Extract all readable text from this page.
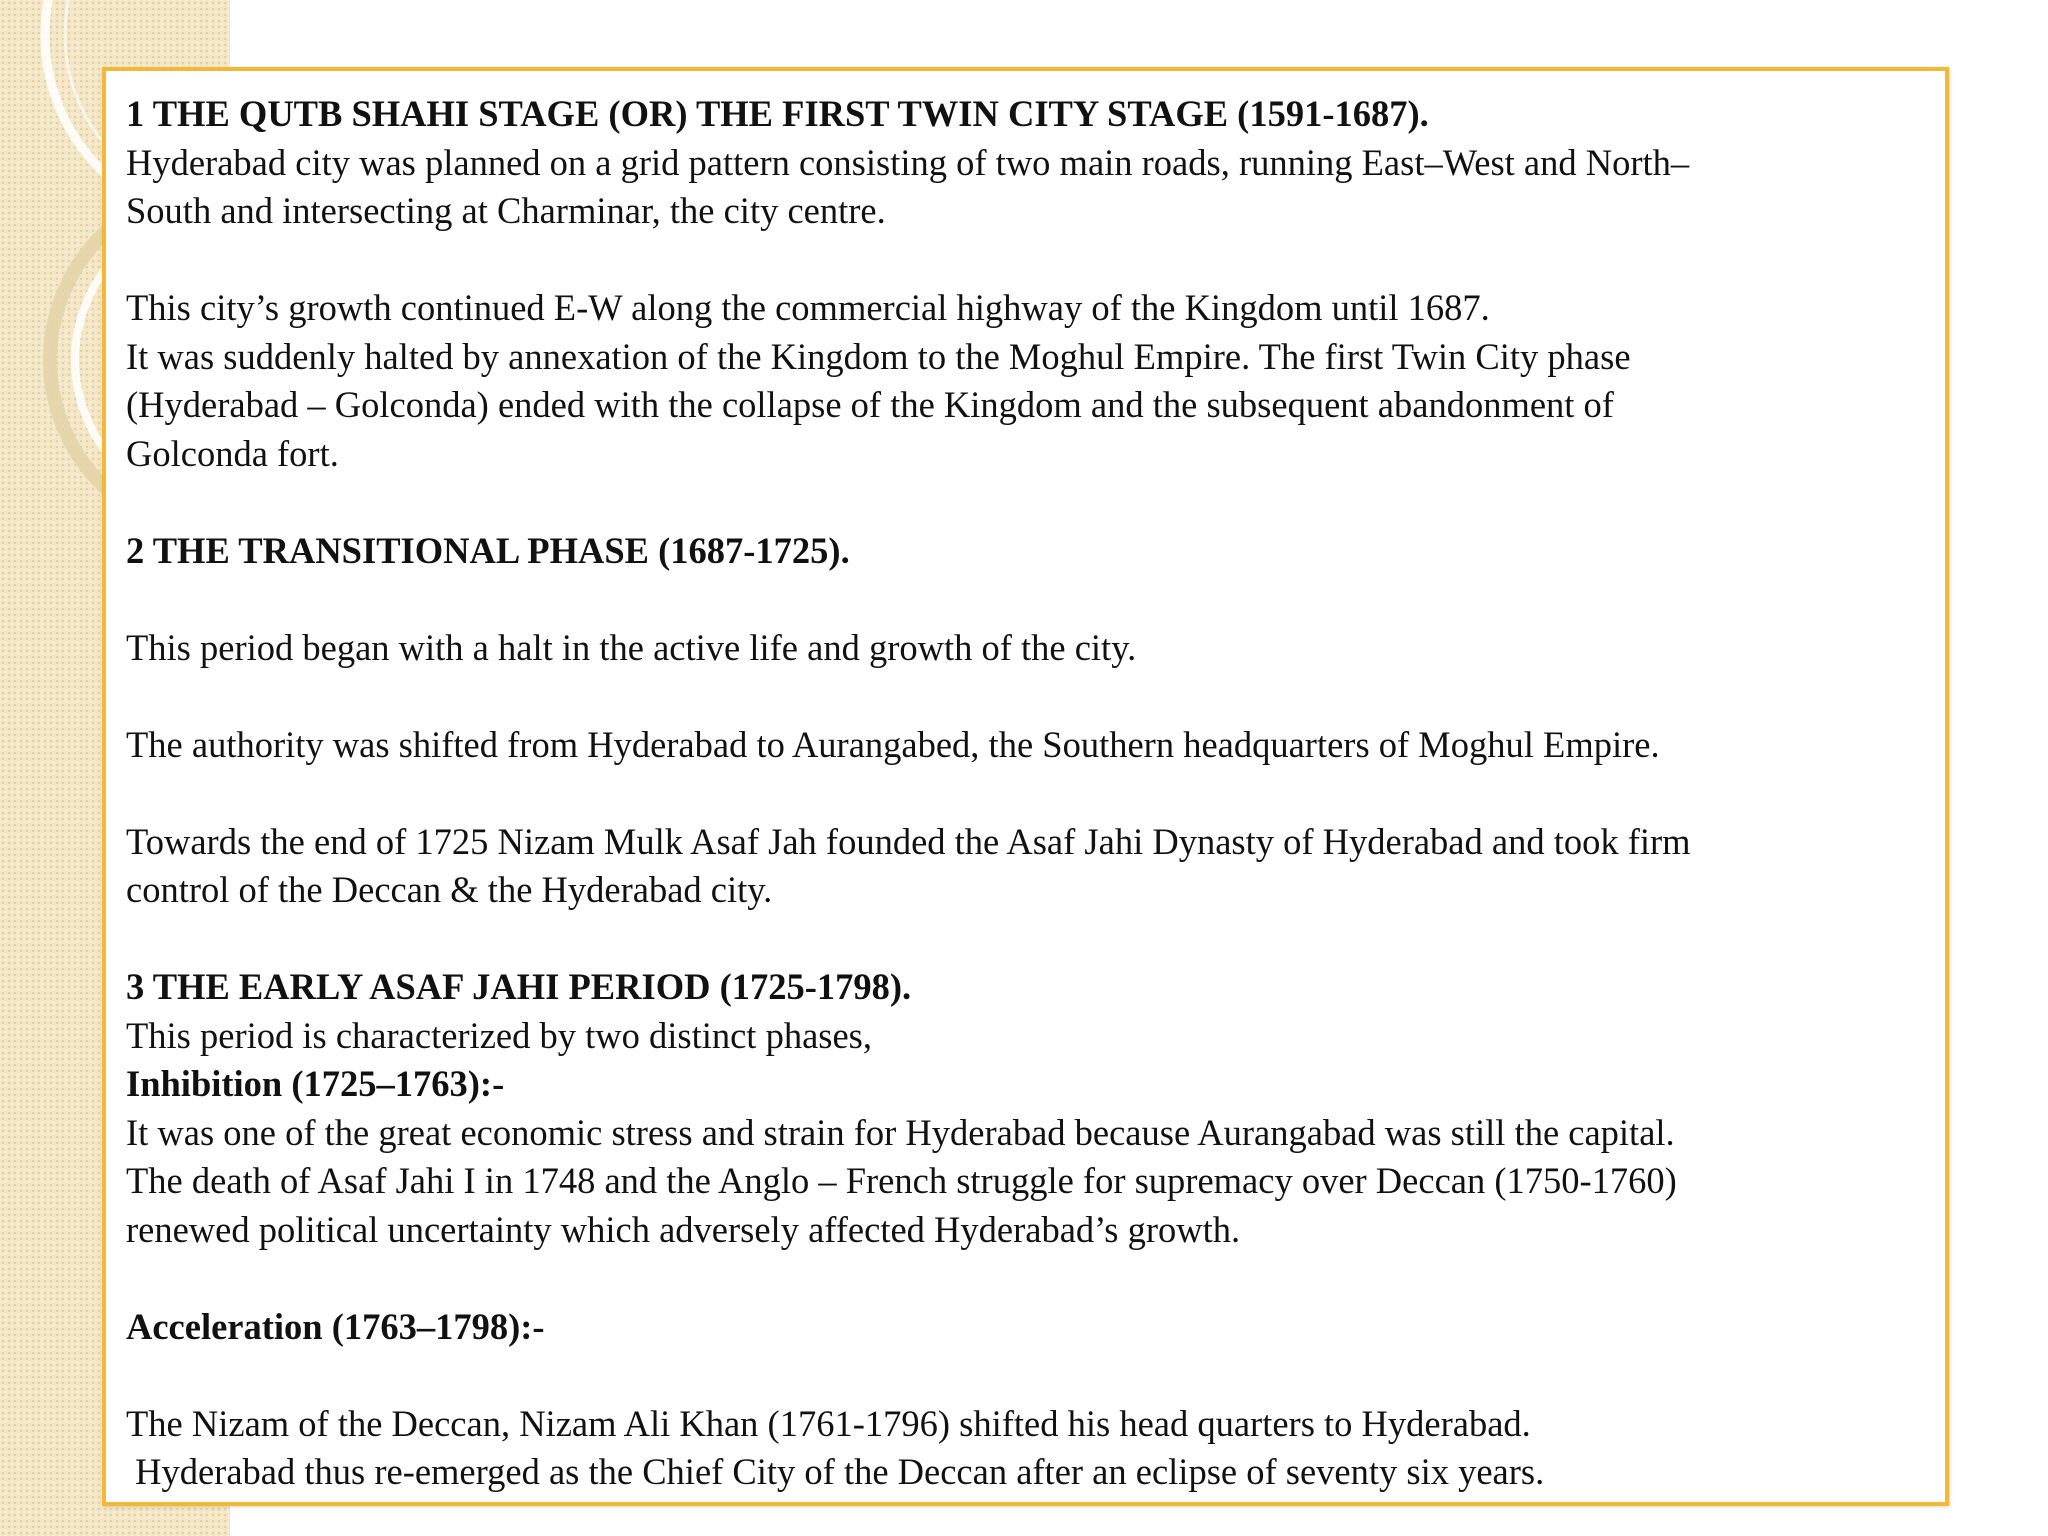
1 THE QUTB SHAHI STAGE (OR) THE FIRST TWIN CITY STAGE (1591-1687).
Hyderabad city was planned on a grid pattern consisting of two main roads, running East–West and North–
South and intersecting at Charminar, the city centre.
This city’s growth continued E-W along the commercial highway of the Kingdom until 1687.
It was suddenly halted by annexation of the Kingdom to the Moghul Empire. The first Twin City phase
(Hyderabad – Golconda) ended with the collapse of the Kingdom and the subsequent abandonment of
Golconda fort.
2 THE TRANSITIONAL PHASE (1687-1725).
This period began with a halt in the active life and growth of the city.
The authority was shifted from Hyderabad to Aurangabed, the Southern headquarters of Moghul Empire.
Towards the end of 1725 Nizam Mulk Asaf Jah founded the Asaf Jahi Dynasty of Hyderabad and took firm
control of the Deccan & the Hyderabad city.
3 THE EARLY ASAF JAHI PERIOD (1725-1798).
This period is characterized by two distinct phases,
Inhibition (1725–1763):-
It was one of the great economic stress and strain for Hyderabad because Aurangabad was still the capital.
The death of Asaf Jahi I in 1748 and the Anglo – French struggle for supremacy over Deccan (1750-1760)
renewed political uncertainty which adversely affected Hyderabad’s growth.
Acceleration (1763–1798):-
The Nizam of the Deccan, Nizam Ali Khan (1761-1796) shifted his head quarters to Hyderabad.
Hyderabad thus re-emerged as the Chief City of the Deccan after an eclipse of seventy six years.
